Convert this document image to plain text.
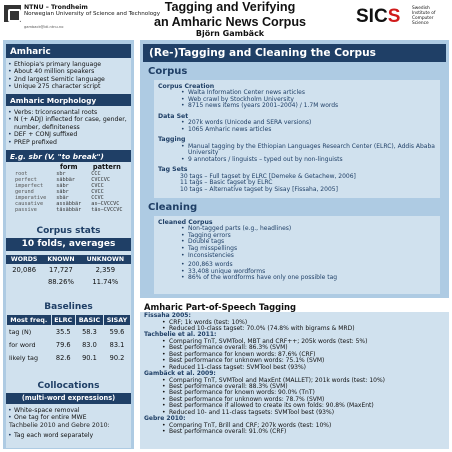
NTNU – Trondheim
Norwegian University of Science and Technology
gamback@idi.ntnu.no
Tagging and Verifying
an Amharic News Corpus
Björn Gambäck
SICS	Swedish Institute of Computer Science
Amharic
• Ethiopia's primary language
• About 40 million speakers
• 2nd largest Semitic language
• Unique 275 character script
Amharic Morphology
• Verbs: triconsonantal roots
• N (+ ADJ) inflected for case, gender, number, definiteness
• DEF + CONJ suffixed
• PREP prefixed
E.g. sbr (V, "to break")
	form	pattern
root	sbr	CCC
perfect	säbbär	CVCCVC
imperfect	säbr	CVCC
gerund	säbr	CVCC
imperative	sbär	CCVC
causative	assäbbär	as—CVCCVC
passive	täsäbbär	täs—CVCCVC
Corpus stats
10 folds, averages
WORDS	KNOWN	UNKNOWN
20,086	17,727	2,359
	88.26%	11.74%
Baselines
Most freq.	ELRC	BASIC	SISAY
tag (N)	35.5	58.3	59.6
for word	79.6	83.0	83.1
likely tag	82.6	90.1	90.2
Collocations
(multi-word expressions)
• White-space removal
• One tag for entire MWE
Tachbelie 2010 and Gebre 2010:
• Tag each word separately
(Re-)Tagging and Cleaning the Corpus
Corpus
Corpus Creation
• Walta Information Center news articles
• Web crawl by Stockholm University
• 8715 news items (years 2001–2004) / 1.7M words
Data Set
• 207k words (Unicode and SERA versions)
• 1065 Amharic news articles
Tagging
• Manual tagging by the Ethiopian Languages Research Center (ELRC), Addis Ababa University
• 9 annotators / linguists – typed out by non-linguists
Tag Sets
30 tags – Full tagset by ELRC [Demeke & Getachew, 2006]
11 tags – Basic tagset by ELRC
10 tags – Alternative tagset by Sisay [Fissaha, 2005]
Cleaning
Cleaned Corpus
• Non-tagged parts (e.g., headlines)
• Tagging errors
• Double tags
• Tag misspellings
• Inconsistencies
• 200,863 words
• 33,408 unique wordforms
• 86% of the wordforms have only one possible tag
Amharic Part-of-Speech Tagging
Fissaha 2005:
• CRF; 1k words (test: 10%)
• Reduced 10-class tagset: 70.0% (74.8% with bigrams & MRD)
Tachbelie et al. 2011:
• Comparing TnT, SVMTool, MBT and CRF++; 205k words (test: 5%)
• Best performance overall: 86.3% (SVM)
• Best performance for known words: 87.6% (CRF)
• Best performance for unknown words: 75.1% (SVM)
• Reduced 11-class tagset: SVMTool best (93%)
Gambäck et al. 2009:
• Comparing TnT, SVMTool and MaxEnt (MALLET); 201k words (test: 10%)
• Best performance overall: 88.3% (SVM)
• Best performance for known words: 90.0% (TnT)
• Best performance for unknown words: 78.7% (SVM)
• Best performance if allowed to create its own folds: 90.8% (MaxEnt)
• Reduced 10- and 11-class tagsets: SVMTool best (93%)
Gebre 2010:
• Comparing TnT, Brill and CRF; 207k words (test: 10%)
• Best performance overall: 91.0% (CRF)
